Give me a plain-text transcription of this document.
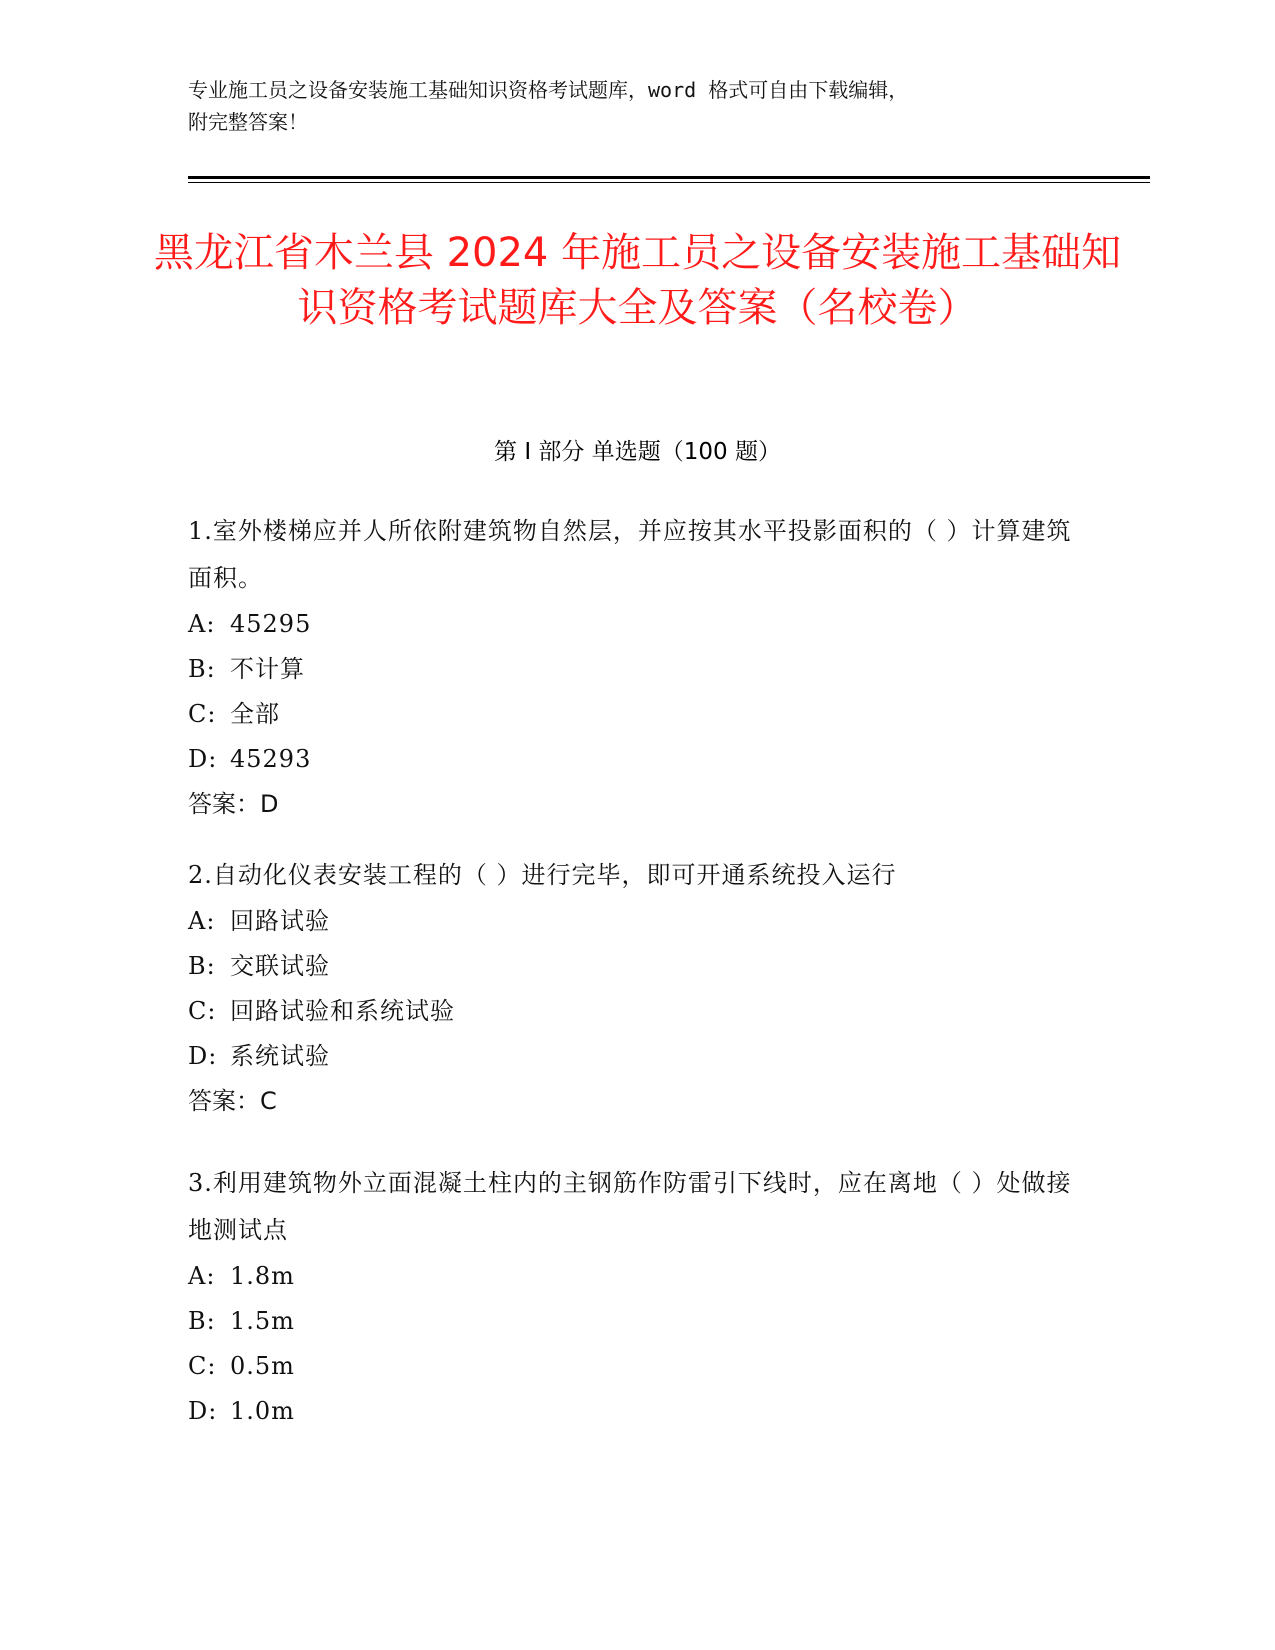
专业施工员之设备安装施工基础知识资格考试题库，word 格式可自由下载编辑，
附完整答案！
黑龙江省木兰县 2024 年施工员之设备安装施工基础知识资格考试题库大全及答案（名校卷）
第 I 部分 单选题（100 题）

1.室外楼梯应并人所依附建筑物自然层，并应按其水平投影面积的（ ）计算建筑面积。

A: 45295

B: 不计算

C: 全部

D: 45293

答案：D

2.自动化仪表安装工程的（ ）进行完毕，即可开通系统投入运行

A: 回路试验

B: 交联试验

C: 回路试验和系统试验

D: 系统试验

答案：C

3.利用建筑物外立面混凝土柱内的主钢筋作防雷引下线时，应在离地（ ）处做接地测试点

A: 1.8m

B: 1.5m

C: 0.5m

D: 1.0m
